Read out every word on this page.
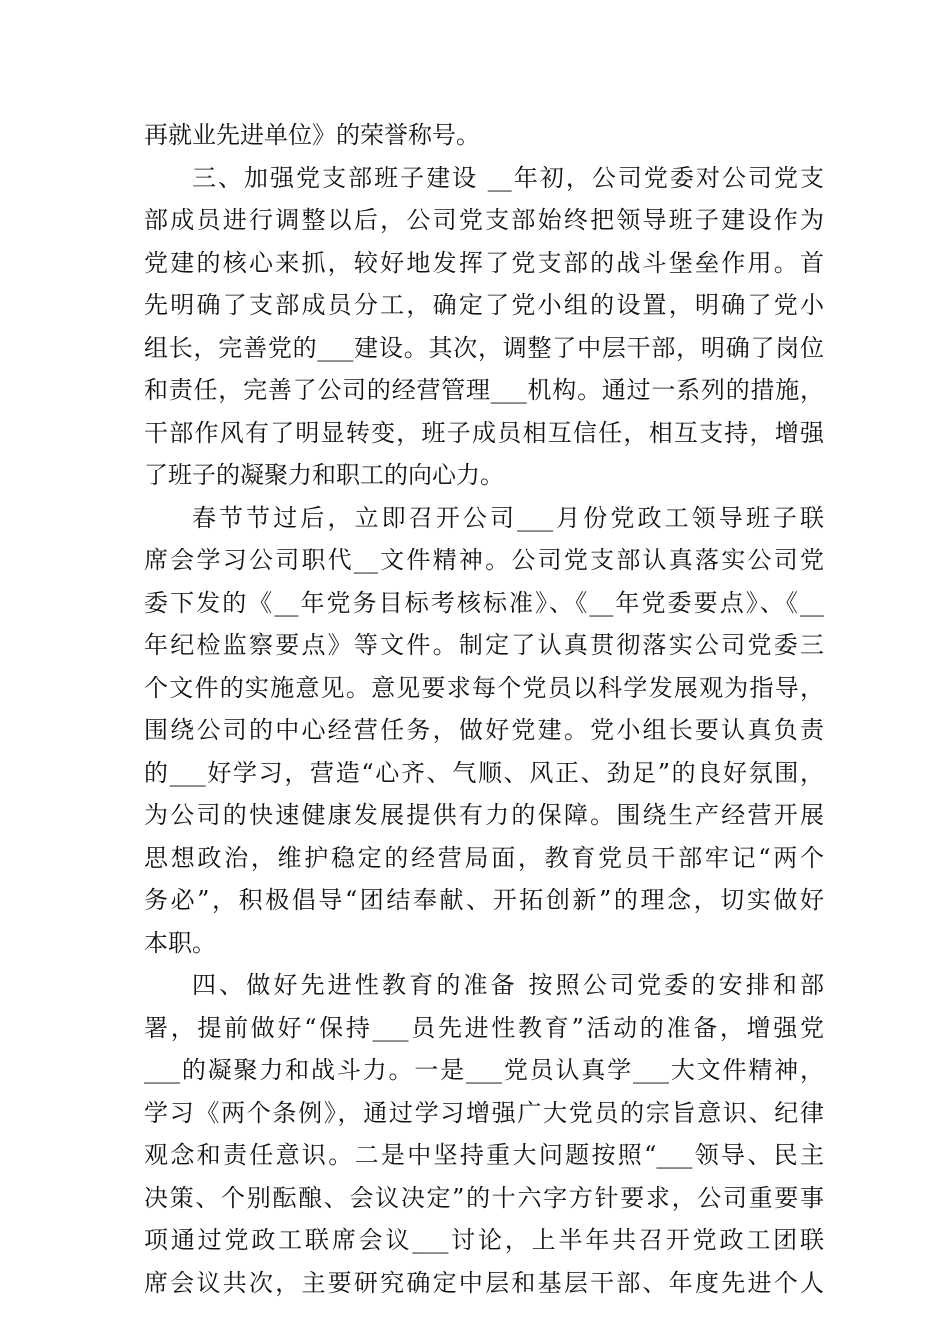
再就业先进单位》的荣誉称号。
三、加强党支部班子建设 __年初，公司党委对公司党支
部成员进行调整以后，公司党支部始终把领导班子建设作为
党建的核心来抓，较好地发挥了党支部的战斗堡垒作用。首
先明确了支部成员分工，确定了党小组的设置，明确了党小
组长，完善党的___建设。其次，调整了中层干部，明确了岗位
和责任，完善了公司的经营管理___机构。通过一系列的措施，
干部作风有了明显转变，班子成员相互信任，相互支持，增强
了班子的凝聚力和职工的向心力。
春节节过后，立即召开公司___月份党政工领导班子联
席会学习公司职代__文件精神。公司党支部认真落实公司党
委下发的《__年党务目标考核标准》、《__年党委要点》、《__
年纪检监察要点》等文件。制定了认真贯彻落实公司党委三
个文件的实施意见。意见要求每个党员以科学发展观为指导，
围绕公司的中心经营任务，做好党建。党小组长要认真负责
的___好学习，营造“心齐、气顺、风正、劲足”的良好氛围，
为公司的快速健康发展提供有力的保障。围绕生产经营开展
思想政治，维护稳定的经营局面，教育党员干部牢记“两个
务必”，积极倡导“团结奉献、开拓创新”的理念，切实做好
本职。
四、做好先进性教育的准备 按照公司党委的安排和部
署，提前做好“保持___员先进性教育”活动的准备，增强党
___的凝聚力和战斗力。一是___党员认真学___大文件精神，
学习《两个条例》，通过学习增强广大党员的宗旨意识、纪律
观念和责任意识。二是中坚持重大问题按照“___领导、民主
决策、个别酝酿、会议决定”的十六字方针要求，公司重要事
项通过党政工联席会议___讨论，上半年共召开党政工团联
席会议共次，主要研究确定中层和基层干部、年度先进个人
